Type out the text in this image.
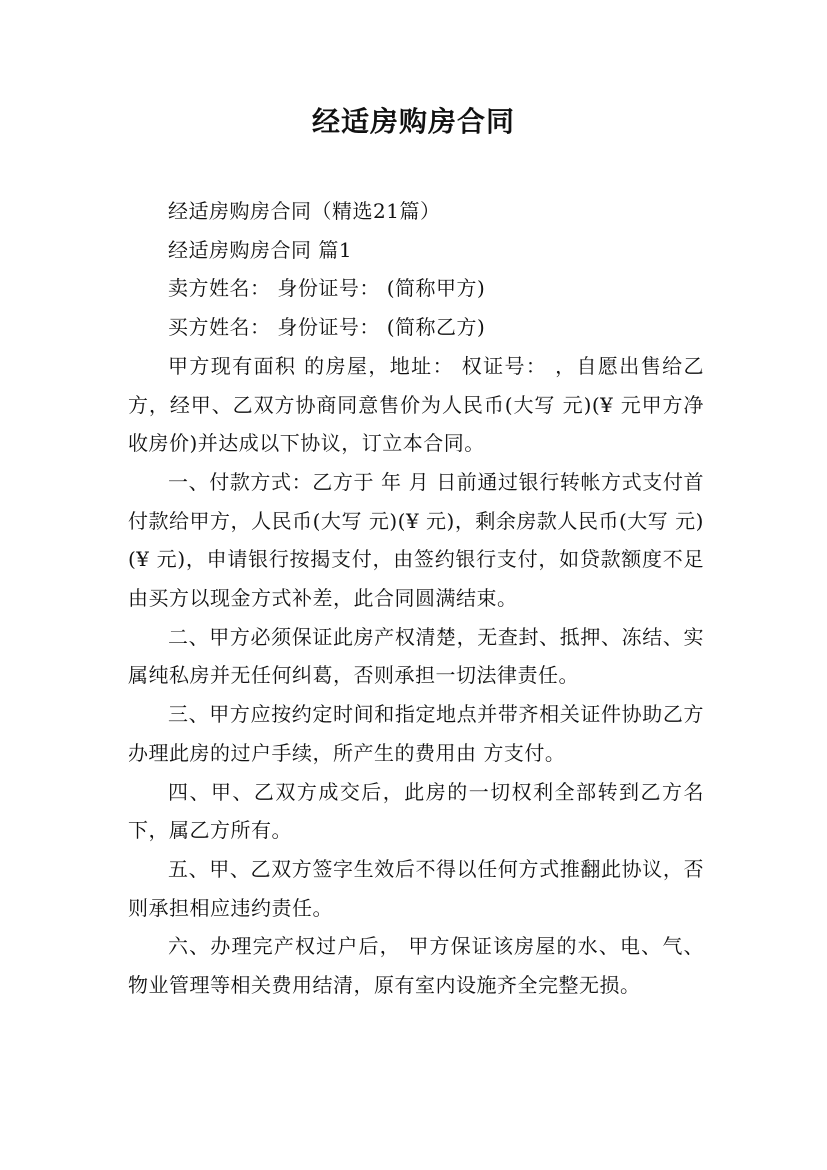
经适房购房合同

经适房购房合同（精选21篇）

经适房购房合同 篇1

卖方姓名： 身份证号： (简称甲方)

买方姓名： 身份证号： (简称乙方)

甲方现有面积 的房屋，地址： 权证号： ，自愿出售给乙方，经甲、乙双方协商同意售价为人民币(大写 元)(¥ 元甲方净收房价)并达成以下协议，订立本合同。

一、付款方式：乙方于 年 月 日前通过银行转帐方式支付首付款给甲方，人民币(大写 元)(¥ 元)，剩余房款人民币(大写 元)(¥ 元)，申请银行按揭支付，由签约银行支付，如贷款额度不足由买方以现金方式补差，此合同圆满结束。

二、甲方必须保证此房产权清楚，无查封、抵押、冻结、实属纯私房并无任何纠葛，否则承担一切法律责任。

三、甲方应按约定时间和指定地点并带齐相关证件协助乙方办理此房的过户手续，所产生的费用由 方支付。

四、甲、乙双方成交后，此房的一切权利全部转到乙方名下，属乙方所有。

五、甲、乙双方签字生效后不得以任何方式推翻此协议，否则承担相应违约责任。

六、办理完产权过户后， 甲方保证该房屋的水、电、气、物业管理等相关费用结清，原有室内设施齐全完整无损。
